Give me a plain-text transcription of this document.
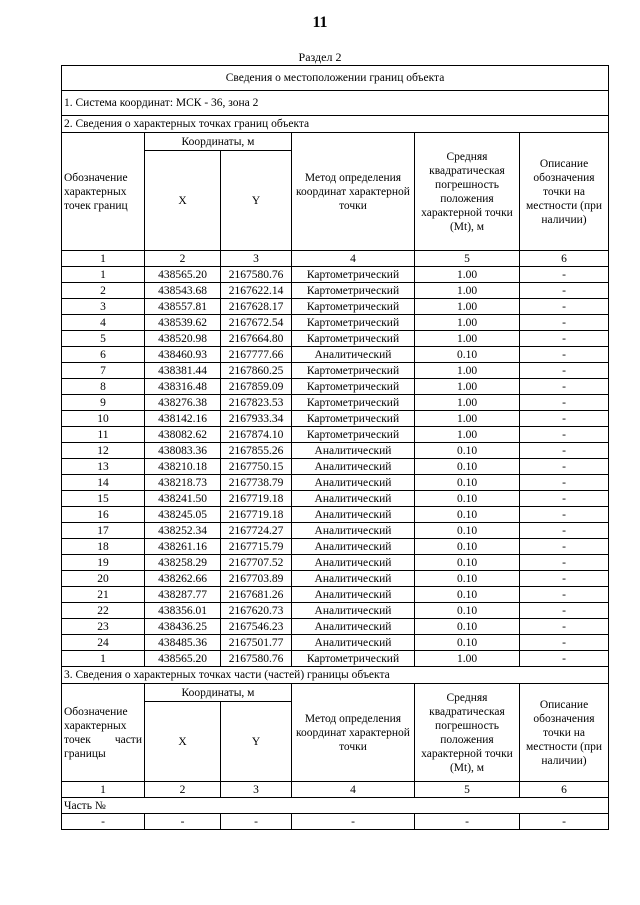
11
Раздел 2
Сведения о местоположении границ объекта					
1. Система координат: МСК - 36, зона 2					
2. Сведения о характерных точках границ объекта					
Обозначение характерных точек границ	Координаты, м		Метод определения координат характерной точки	Средняя квадратическая погрешность положения характерной точки (Mt), м	Описание обозначения точки на местности (при наличии)
	X	Y			
1	2	3	4	5	6
1	438565.20	2167580.76	Картометрический	1.00	-
2	438543.68	2167622.14	Картометрический	1.00	-
3	438557.81	2167628.17	Картометрический	1.00	-
4	438539.62	2167672.54	Картометрический	1.00	-
5	438520.98	2167664.80	Картометрический	1.00	-
6	438460.93	2167777.66	Аналитический	0.10	-
7	438381.44	2167860.25	Картометрический	1.00	-
8	438316.48	2167859.09	Картометрический	1.00	-
9	438276.38	2167823.53	Картометрический	1.00	-
10	438142.16	2167933.34	Картометрический	1.00	-
11	438082.62	2167874.10	Картометрический	1.00	-
12	438083.36	2167855.26	Аналитический	0.10	-
13	438210.18	2167750.15	Аналитический	0.10	-
14	438218.73	2167738.79	Аналитический	0.10	-
15	438241.50	2167719.18	Аналитический	0.10	-
16	438245.05	2167719.18	Аналитический	0.10	-
17	438252.34	2167724.27	Аналитический	0.10	-
18	438261.16	2167715.79	Аналитический	0.10	-
19	438258.29	2167707.52	Аналитический	0.10	-
20	438262.66	2167703.89	Аналитический	0.10	-
21	438287.77	2167681.26	Аналитический	0.10	-
22	438356.01	2167620.73	Аналитический	0.10	-
23	438436.25	2167546.23	Аналитический	0.10	-
24	438485.36	2167501.77	Аналитический	0.10	-
1	438565.20	2167580.76	Картометрический	1.00	-
3. Сведения о характерных точках части (частей) границы объекта					
Обозначение характерных точек части границы	Координаты, м		Метод определения координат характерной точки	Средняя квадратическая погрешность положения характерной точки (Mt), м	Описание обозначения точки на местности (при наличии)
	X	Y			
1	2	3	4	5	6
Часть №					
-	-	-	-	-	-
